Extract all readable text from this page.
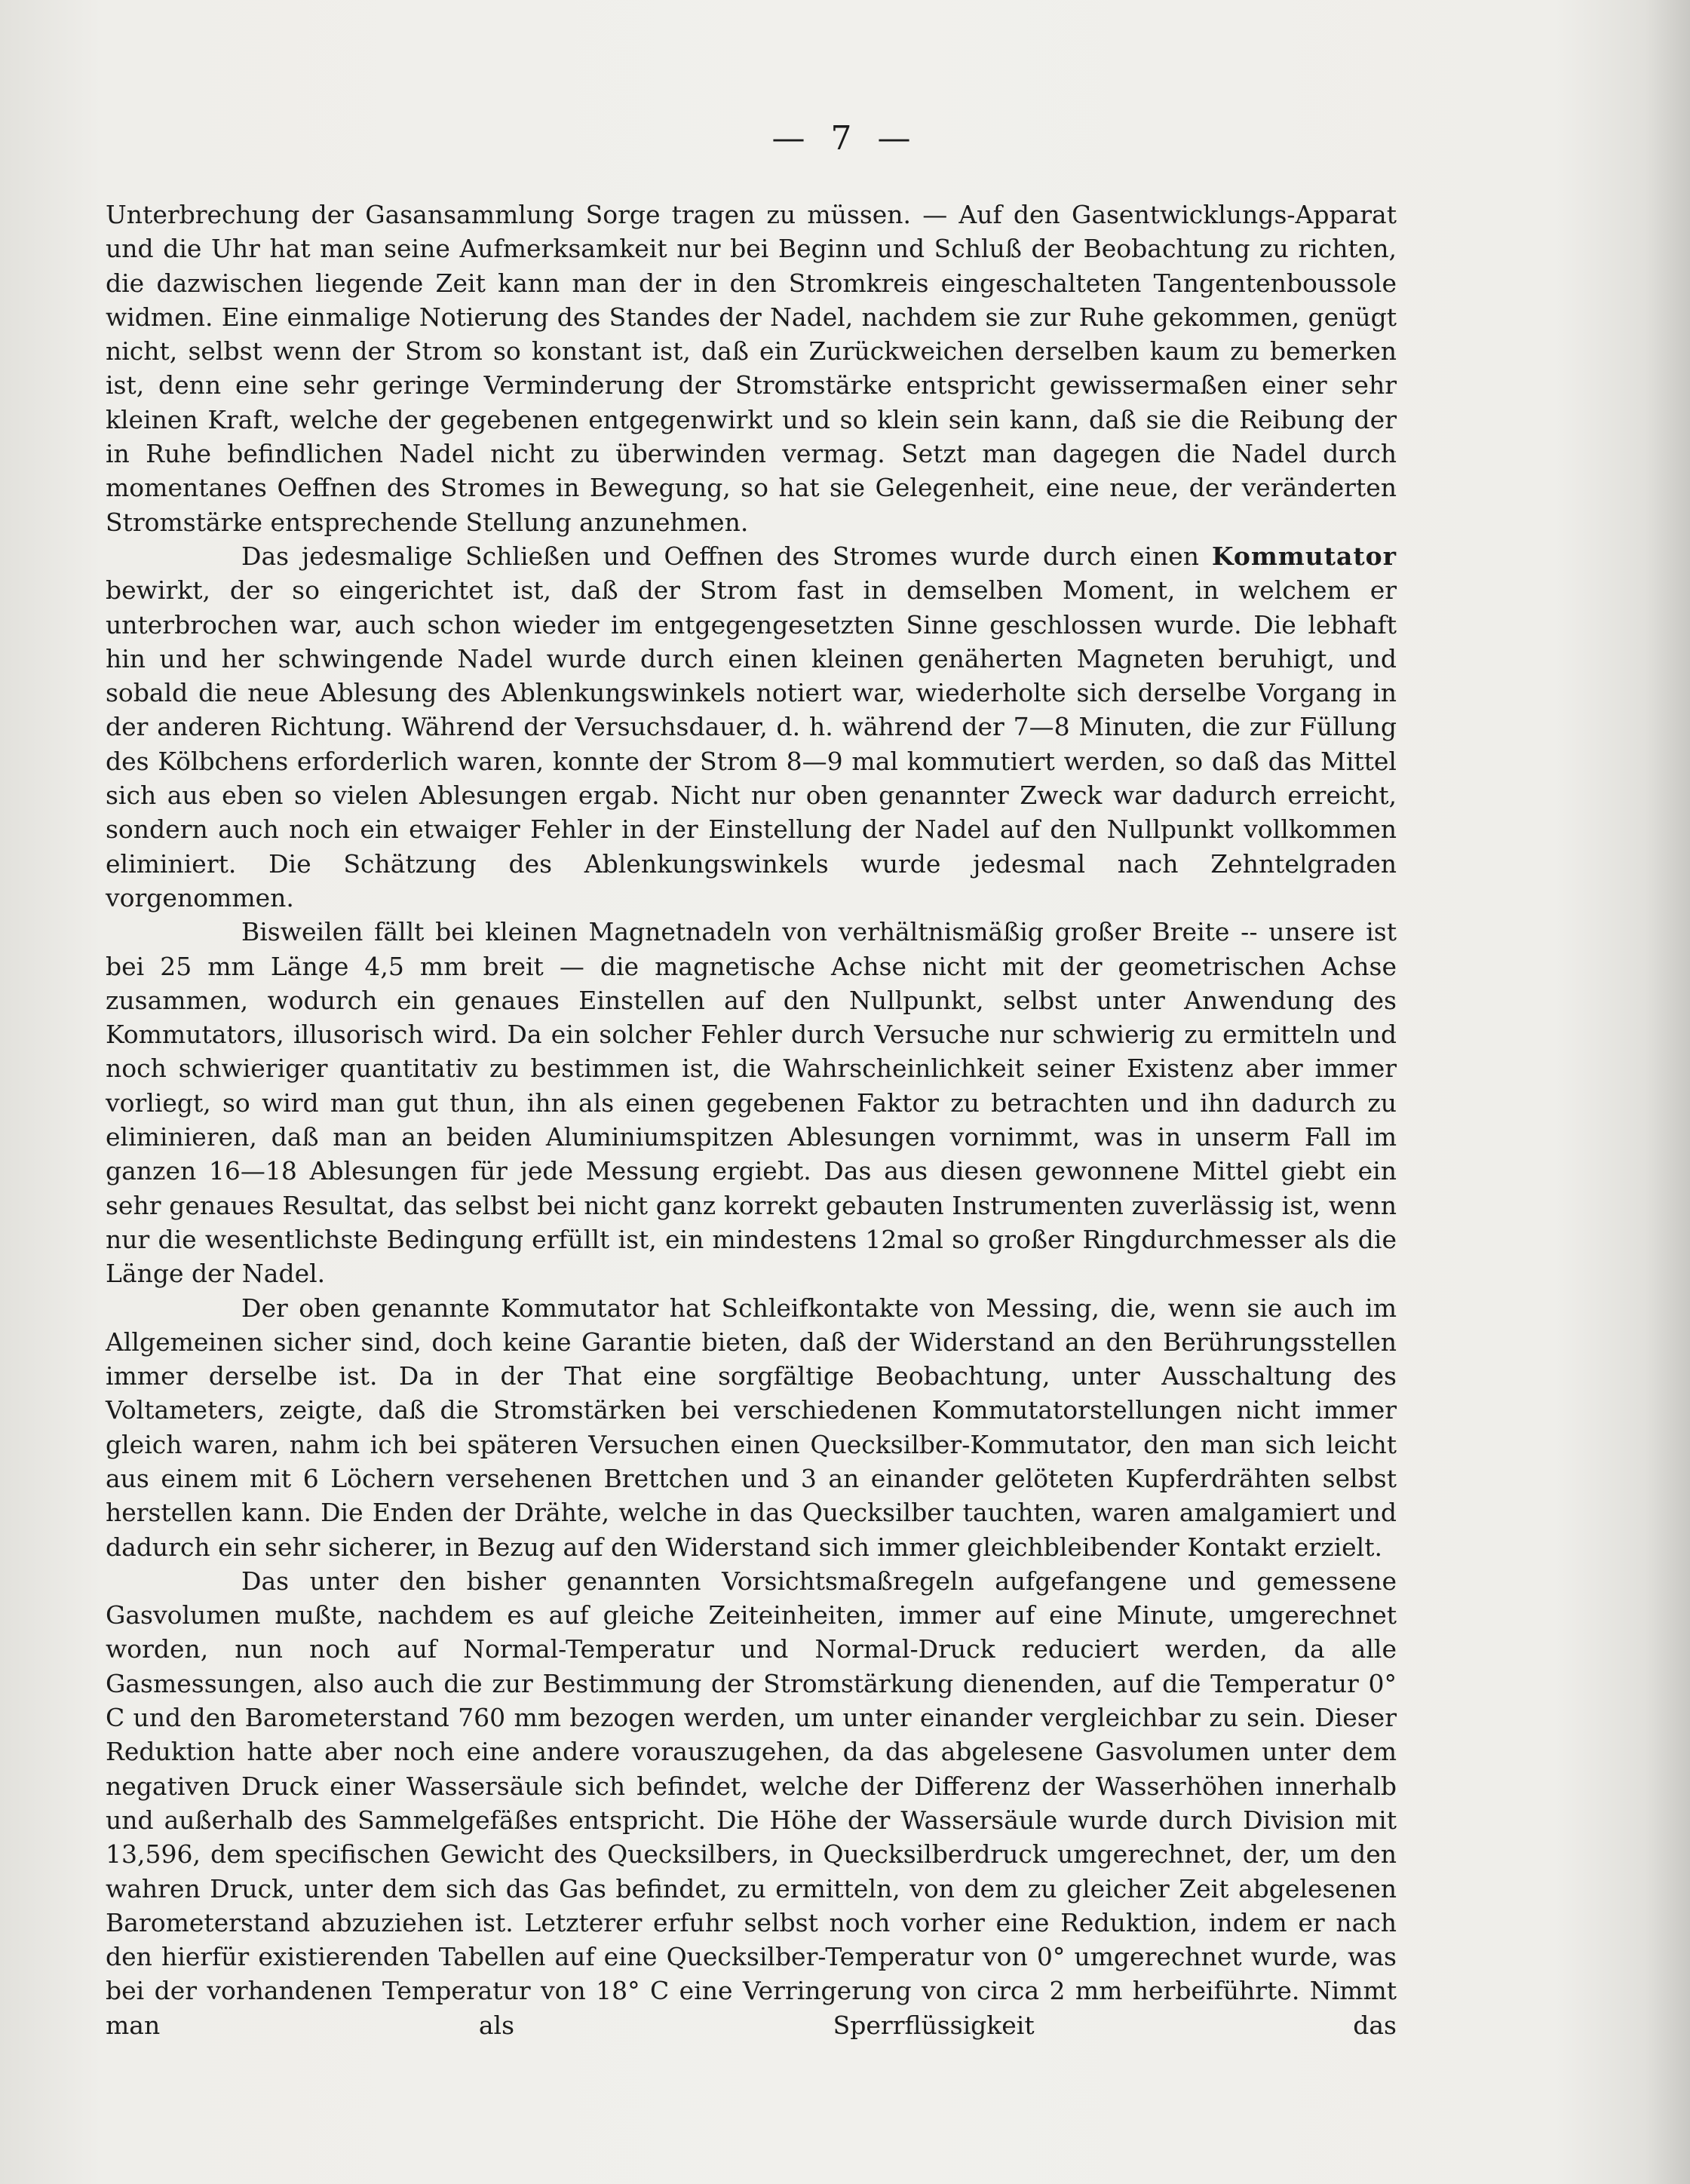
— 7 —

Unterbrechung der Gasansammlung Sorge tragen zu müssen. — Auf den Gasentwicklungs-Apparat und die Uhr hat man seine Aufmerksamkeit nur bei Beginn und Schluß der Beobachtung zu richten, die dazwischen liegende Zeit kann man der in den Stromkreis eingeschalteten Tangentenboussole widmen. Eine einmalige Notierung des Standes der Nadel, nachdem sie zur Ruhe gekommen, genügt nicht, selbst wenn der Strom so konstant ist, daß ein Zurückweichen derselben kaum zu bemerken ist, denn eine sehr geringe Verminderung der Stromstärke entspricht gewissermaßen einer sehr kleinen Kraft, welche der gegebenen entgegenwirkt und so klein sein kann, daß sie die Reibung der in Ruhe befindlichen Nadel nicht zu überwinden vermag. Setzt man dagegen die Nadel durch momentanes Oeffnen des Stromes in Bewegung, so hat sie Gelegenheit, eine neue, der veränderten Stromstärke entsprechende Stellung anzunehmen.

Das jedesmalige Schließen und Oeffnen des Stromes wurde durch einen Kommutator bewirkt, der so eingerichtet ist, daß der Strom fast in demselben Moment, in welchem er unterbrochen war, auch schon wieder im entgegengesetzten Sinne geschlossen wurde. Die lebhaft hin und her schwingende Nadel wurde durch einen kleinen genäherten Magneten beruhigt, und sobald die neue Ablesung des Ablenkungswinkels notiert war, wiederholte sich derselbe Vorgang in der anderen Richtung. Während der Versuchsdauer, d. h. während der 7—8 Minuten, die zur Füllung des Kölbchens erforderlich waren, konnte der Strom 8—9 mal kommutiert werden, so daß das Mittel sich aus eben so vielen Ablesungen ergab. Nicht nur oben genannter Zweck war dadurch erreicht, sondern auch noch ein etwaiger Fehler in der Einstellung der Nadel auf den Nullpunkt vollkommen eliminiert. Die Schätzung des Ablenkungswinkels wurde jedesmal nach Zehntelgraden vorgenommen.

Bisweilen fällt bei kleinen Magnetnadeln von verhältnismäßig großer Breite -- unsere ist bei 25 mm Länge 4,5 mm breit — die magnetische Achse nicht mit der geometrischen Achse zusammen, wodurch ein genaues Einstellen auf den Nullpunkt, selbst unter Anwendung des Kommutators, illusorisch wird. Da ein solcher Fehler durch Versuche nur schwierig zu ermitteln und noch schwieriger quantitativ zu bestimmen ist, die Wahrscheinlichkeit seiner Existenz aber immer vorliegt, so wird man gut thun, ihn als einen gegebenen Faktor zu betrachten und ihn dadurch zu eliminieren, daß man an beiden Aluminiumspitzen Ablesungen vornimmt, was in unserm Fall im ganzen 16—18 Ablesungen für jede Messung ergiebt. Das aus diesen gewonnene Mittel giebt ein sehr genaues Resultat, das selbst bei nicht ganz korrekt gebauten Instrumenten zuverlässig ist, wenn nur die wesentlichste Bedingung erfüllt ist, ein mindestens 12mal so großer Ringdurchmesser als die Länge der Nadel.

Der oben genannte Kommutator hat Schleifkontakte von Messing, die, wenn sie auch im Allgemeinen sicher sind, doch keine Garantie bieten, daß der Widerstand an den Berührungsstellen immer derselbe ist. Da in der That eine sorgfältige Beobachtung, unter Ausschaltung des Voltameters, zeigte, daß die Stromstärken bei verschiedenen Kommutatorstellungen nicht immer gleich waren, nahm ich bei späteren Versuchen einen Quecksilber-Kommutator, den man sich leicht aus einem mit 6 Löchern versehenen Brettchen und 3 an einander gelöteten Kupferdrähten selbst herstellen kann. Die Enden der Drähte, welche in das Quecksilber tauchten, waren amalgamiert und dadurch ein sehr sicherer, in Bezug auf den Widerstand sich immer gleichbleibender Kontakt erzielt.

Das unter den bisher genannten Vorsichtsmaßregeln aufgefangene und gemessene Gasvolumen mußte, nachdem es auf gleiche Zeiteinheiten, immer auf eine Minute, umgerechnet worden, nun noch auf Normal-Temperatur und Normal-Druck reduciert werden, da alle Gasmessungen, also auch die zur Bestimmung der Stromstärkung dienenden, auf die Temperatur 0° C und den Barometerstand 760 mm bezogen werden, um unter einander vergleichbar zu sein. Dieser Reduktion hatte aber noch eine andere vorauszugehen, da das abgelesene Gasvolumen unter dem negativen Druck einer Wassersäule sich befindet, welche der Differenz der Wasserhöhen innerhalb und außerhalb des Sammelgefäßes entspricht. Die Höhe der Wassersäule wurde durch Division mit 13,596, dem specifischen Gewicht des Quecksilbers, in Quecksilberdruck umgerechnet, der, um den wahren Druck, unter dem sich das Gas befindet, zu ermitteln, von dem zu gleicher Zeit abgelesenen Barometerstand abzuziehen ist. Letzterer erfuhr selbst noch vorher eine Reduktion, indem er nach den hierfür existierenden Tabellen auf eine Quecksilber-Temperatur von 0° umgerechnet wurde, was bei der vorhandenen Temperatur von 18° C eine Verringerung von circa 2 mm herbeiführte. Nimmt man als Sperrflüssigkeit das
